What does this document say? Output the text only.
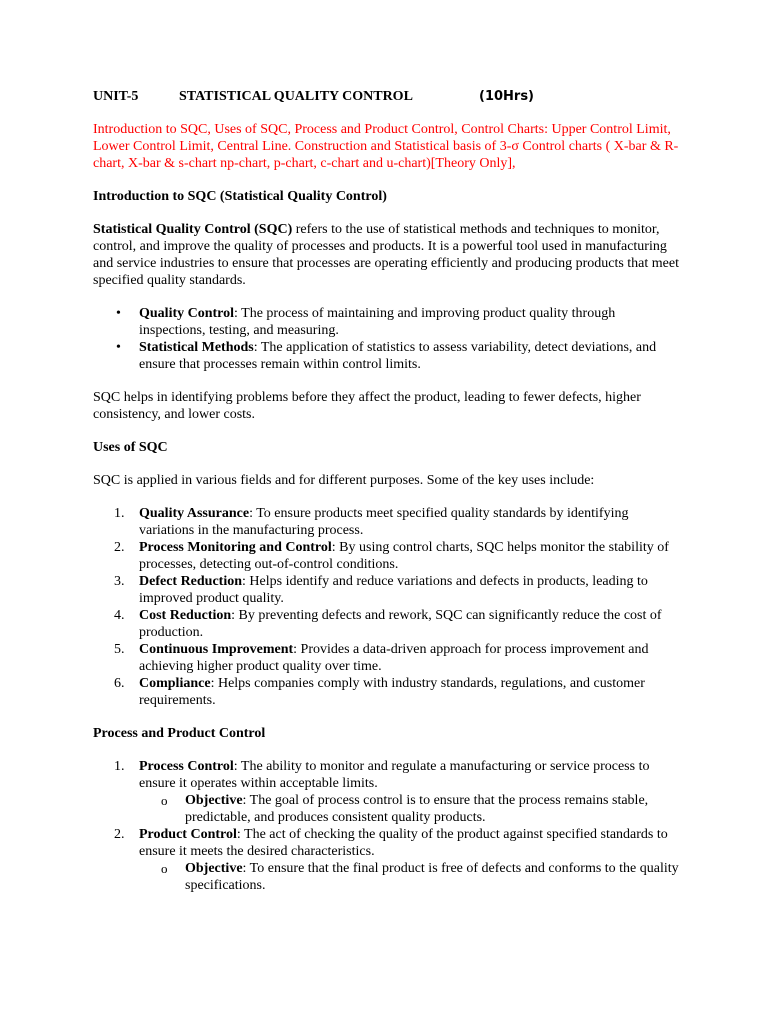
UNIT-5	STATISTICAL QUALITY CONTROL	(10Hrs)

Introduction to SQC, Uses of SQC, Process and Product Control, Control Charts: Upper Control Limit, Lower Control Limit, Central Line. Construction and Statistical basis of 3-σ Control charts ( X-bar & R-chart, X-bar & s-chart np-chart, p-chart, c-chart and u-chart)[Theory Only],

Introduction to SQC (Statistical Quality Control)

Statistical Quality Control (SQC) refers to the use of statistical methods and techniques to monitor, control, and improve the quality of processes and products. It is a powerful tool used in manufacturing and service industries to ensure that processes are operating efficiently and producing products that meet specified quality standards.

• Quality Control: The process of maintaining and improving product quality through inspections, testing, and measuring.
• Statistical Methods: The application of statistics to assess variability, detect deviations, and ensure that processes remain within control limits.

SQC helps in identifying problems before they affect the product, leading to fewer defects, higher consistency, and lower costs.

Uses of SQC

SQC is applied in various fields and for different purposes. Some of the key uses include:

1. Quality Assurance: To ensure products meet specified quality standards by identifying variations in the manufacturing process.
2. Process Monitoring and Control: By using control charts, SQC helps monitor the stability of processes, detecting out-of-control conditions.
3. Defect Reduction: Helps identify and reduce variations and defects in products, leading to improved product quality.
4. Cost Reduction: By preventing defects and rework, SQC can significantly reduce the cost of production.
5. Continuous Improvement: Provides a data-driven approach for process improvement and achieving higher product quality over time.
6. Compliance: Helps companies comply with industry standards, regulations, and customer requirements.
Process and Product Control
1. Process Control: The ability to monitor and regulate a manufacturing or service process to ensure it operates within acceptable limits.
o Objective: The goal of process control is to ensure that the process remains stable, predictable, and produces consistent quality products.
2. Product Control: The act of checking the quality of the product against specified standards to ensure it meets the desired characteristics.
o Objective: To ensure that the final product is free of defects and conforms to the quality specifications.
